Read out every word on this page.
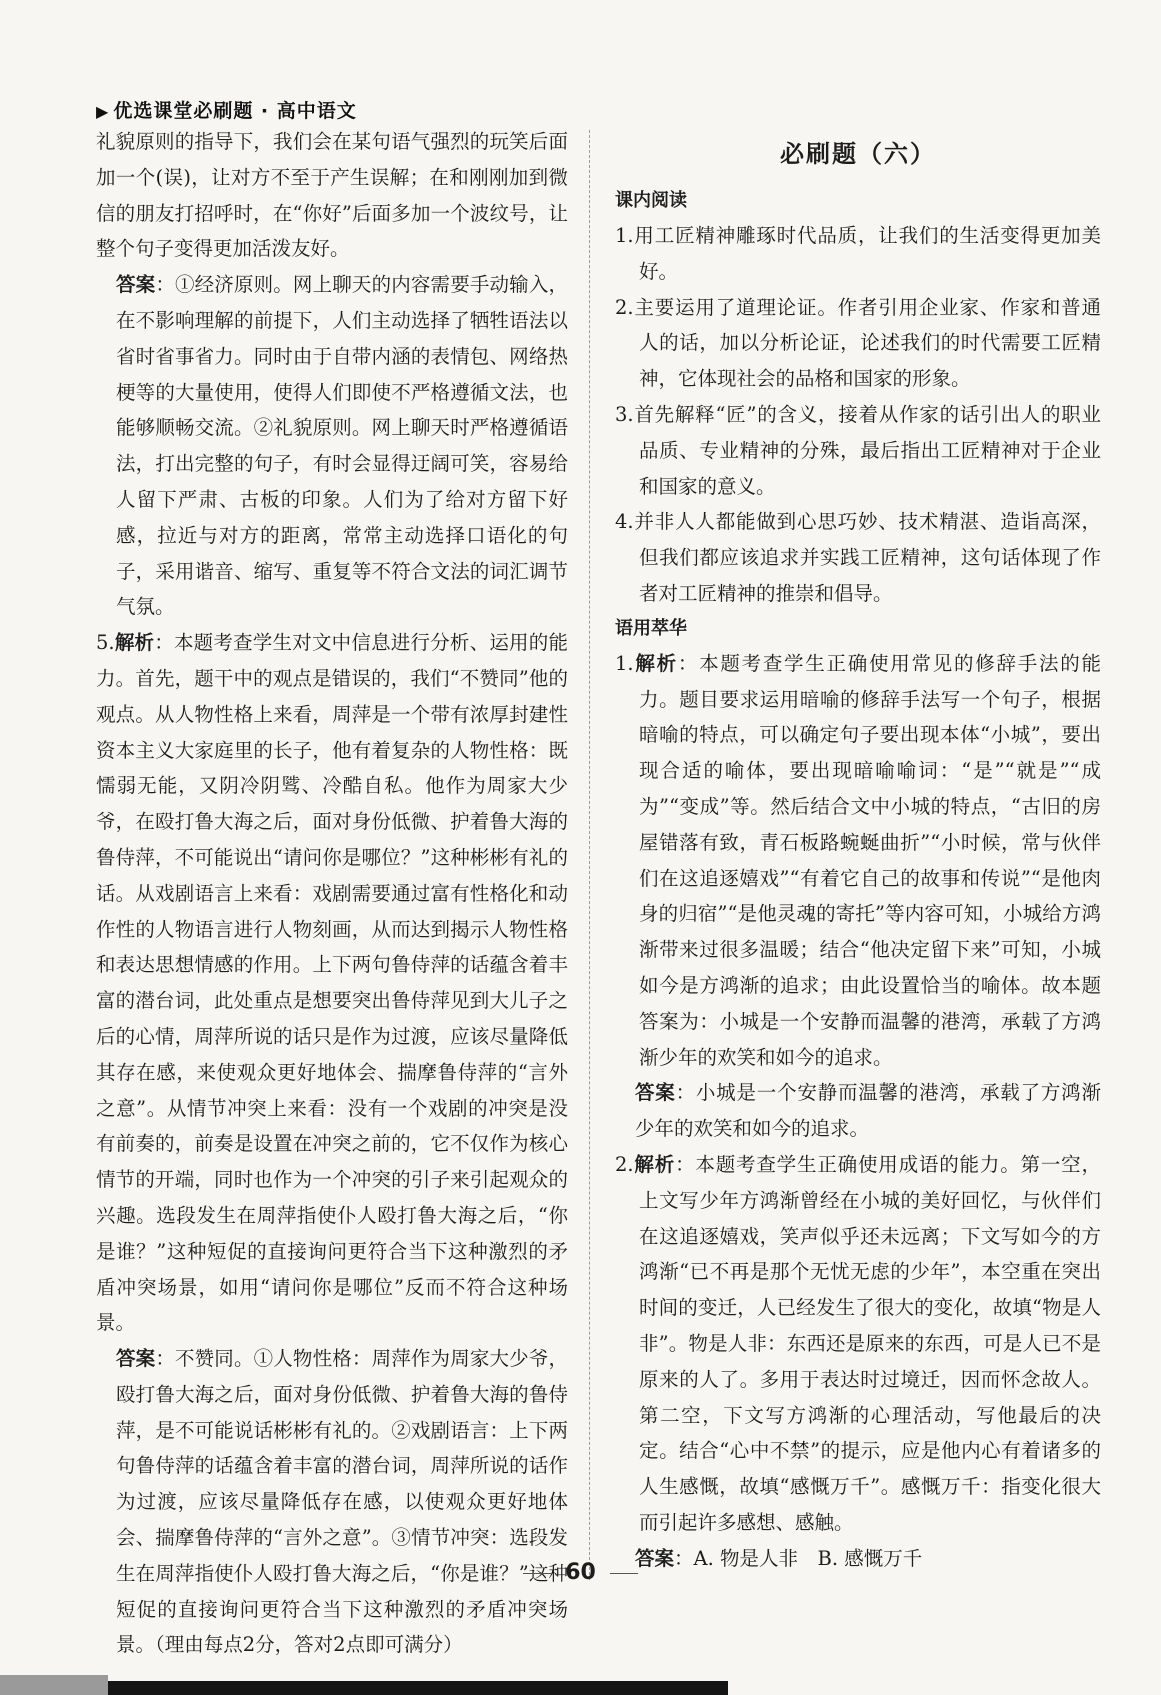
▶ 优选课堂必刷题 · 高中语文

礼貌原则的指导下，我们会在某句语气强烈的玩笑后面加一个(误)，让对方不至于产生误解；在和刚刚加到微信的朋友打招呼时，在“你好”后面多加一个波纹号，让整个句子变得更加活泼友好。

答案：①经济原则。网上聊天的内容需要手动输入，在不影响理解的前提下，人们主动选择了牺牲语法以省时省事省力。同时由于自带内涵的表情包、网络热梗等的大量使用，使得人们即使不严格遵循文法，也能够顺畅交流。②礼貌原则。网上聊天时严格遵循语法，打出完整的句子，有时会显得迂阔可笑，容易给人留下严肃、古板的印象。人们为了给对方留下好感，拉近与对方的距离，常常主动选择口语化的句子，采用谐音、缩写、重复等不符合文法的词汇调节气氛。

5.解析：本题考查学生对文中信息进行分析、运用的能力。首先，题干中的观点是错误的，我们“不赞同”他的观点。从人物性格上来看，周萍是一个带有浓厚封建性资本主义大家庭里的长子，他有着复杂的人物性格：既懦弱无能，又阴冷阴骘、冷酷自私。他作为周家大少爷，在殴打鲁大海之后，面对身份低微、护着鲁大海的鲁侍萍，不可能说出“请问你是哪位？”这种彬彬有礼的话。从戏剧语言上来看：戏剧需要通过富有性格化和动作性的人物语言进行人物刻画，从而达到揭示人物性格和表达思想情感的作用。上下两句鲁侍萍的话蕴含着丰富的潜台词，此处重点是想要突出鲁侍萍见到大儿子之后的心情，周萍所说的话只是作为过渡，应该尽量降低其存在感，来使观众更好地体会、揣摩鲁侍萍的“言外之意”。从情节冲突上来看：没有一个戏剧的冲突是没有前奏的，前奏是设置在冲突之前的，它不仅作为核心情节的开端，同时也作为一个冲突的引子来引起观众的兴趣。选段发生在周萍指使仆人殴打鲁大海之后，“你是谁？”这种短促的直接询问更符合当下这种激烈的矛盾冲突场景，如用“请问你是哪位”反而不符合这种场景。

答案：不赞同。①人物性格：周萍作为周家大少爷，殴打鲁大海之后，面对身份低微、护着鲁大海的鲁侍萍，是不可能说话彬彬有礼的。②戏剧语言：上下两句鲁侍萍的话蕴含着丰富的潜台词，周萍所说的话作为过渡，应该尽量降低存在感，以使观众更好地体会、揣摩鲁侍萍的“言外之意”。③情节冲突：选段发生在周萍指使仆人殴打鲁大海之后，“你是谁？”这种短促的直接询问更符合当下这种激烈的矛盾冲突场景。（理由每点2分，答对2点即可满分）

必刷题（六）
课内阅读

1.用工匠精神雕琢时代品质，让我们的生活变得更加美好。

2.主要运用了道理论证。作者引用企业家、作家和普通人的话，加以分析论证，论述我们的时代需要工匠精神，它体现社会的品格和国家的形象。

3.首先解释“匠”的含义，接着从作家的话引出人的职业品质、专业精神的分殊，最后指出工匠精神对于企业和国家的意义。

4.并非人人都能做到心思巧妙、技术精湛、造诣高深，但我们都应该追求并实践工匠精神，这句话体现了作者对工匠精神的推崇和倡导。

语用萃华

1.解析：本题考查学生正确使用常见的修辞手法的能力。题目要求运用暗喻的修辞手法写一个句子，根据暗喻的特点，可以确定句子要出现本体“小城”，要出现合适的喻体，要出现暗喻喻词：“是”“就是”“成为”“变成”等。然后结合文中小城的特点，“古旧的房屋错落有致，青石板路蜿蜒曲折”“小时候，常与伙伴们在这追逐嬉戏”“有着它自己的故事和传说”“是他肉身的归宿”“是他灵魂的寄托”等内容可知，小城给方鸿渐带来过很多温暖；结合“他决定留下来”可知，小城如今是方鸿渐的追求；由此设置恰当的喻体。故本题答案为：小城是一个安静而温馨的港湾，承载了方鸿渐少年的欢笑和如今的追求。

答案：小城是一个安静而温馨的港湾，承载了方鸿渐少年的欢笑和如今的追求。

2.解析：本题考查学生正确使用成语的能力。第一空，上文写少年方鸿渐曾经在小城的美好回忆，与伙伴们在这追逐嬉戏，笑声似乎还未远离；下文写如今的方鸿渐“已不再是那个无忧无虑的少年”，本空重在突出时间的变迁，人已经发生了很大的变化，故填“物是人非”。物是人非：东西还是原来的东西，可是人已不是原来的人了。多用于表达时过境迁，因而怀念故人。第二空，下文写方鸿渐的心理活动，写他最后的决定。结合“心中不禁”的提示，应是他内心有着诸多的人生感慨，故填“感慨万千”。感慨万千：指变化很大而引起许多感想、感触。

答案：A. 物是人非　B. 感慨万千

60
